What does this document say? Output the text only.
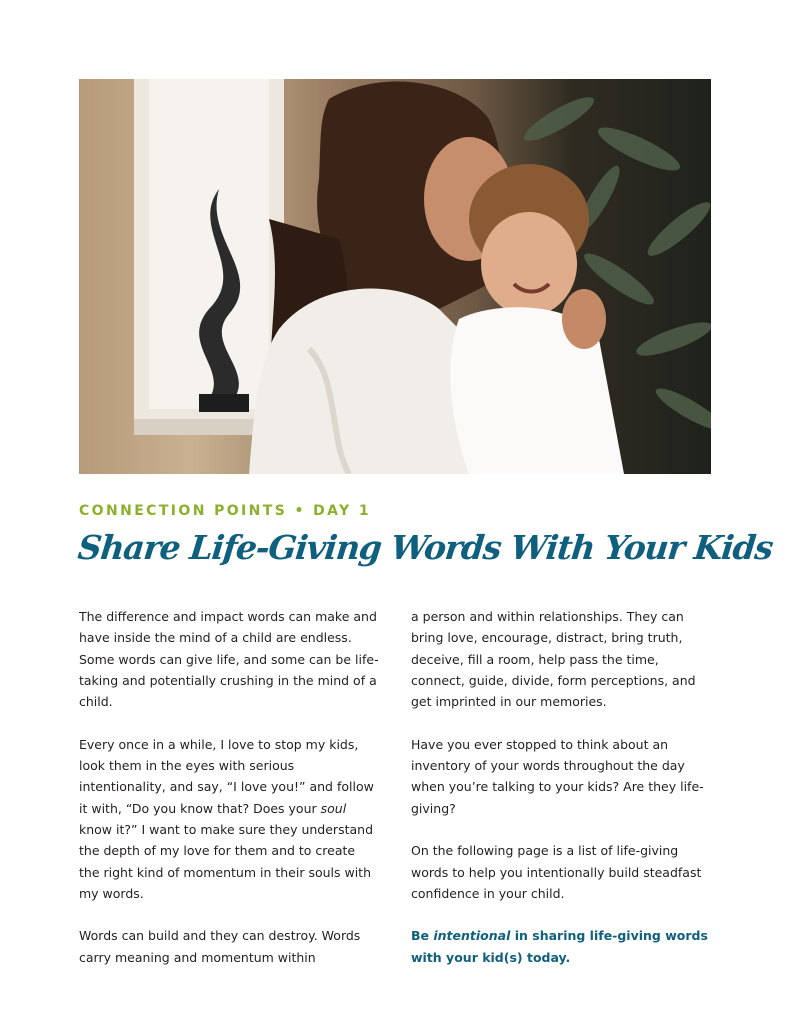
CONNECTION POINTS • DAY 1
Share Life-Giving Words With Your Kids

The difference and impact words can make and have inside the mind of a child are endless. Some words can give life, and some can be life-taking and potentially crushing in the mind of a child.

Every once in a while, I love to stop my kids, look them in the eyes with serious intentionality, and say, “I love you!” and follow it with, “Do you know that? Does your soul know it?” I want to make sure they understand the depth of my love for them and to create the right kind of momentum in their souls with my words.

Words can build and they can destroy. Words carry meaning and momentum within

a person and within relationships. They can bring love, encourage, distract, bring truth, deceive, fill a room, help pass the time, connect, guide, divide, form perceptions, and get imprinted in our memories.

Have you ever stopped to think about an inventory of your words throughout the day when you’re talking to your kids? Are they life-giving?

On the following page is a list of life-giving words to help you intentionally build steadfast confidence in your child.

Be intentional in sharing life-giving words with your kid(s) today.
